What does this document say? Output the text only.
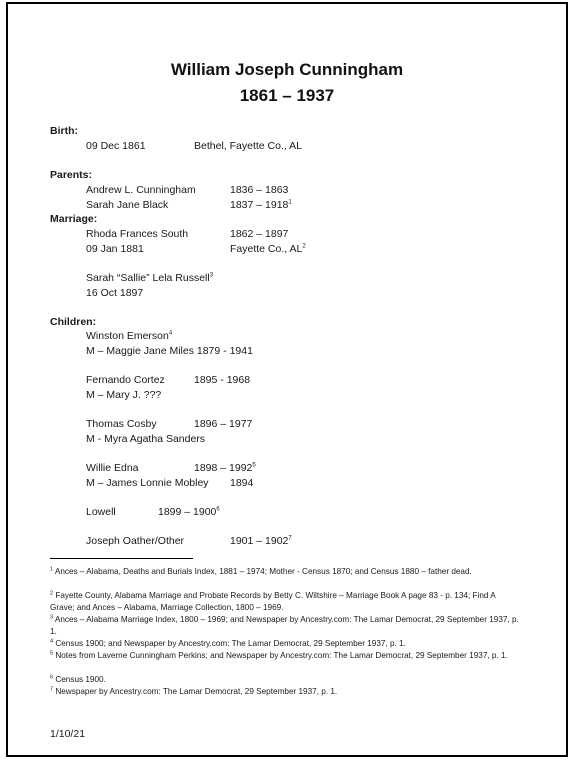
William Joseph Cunningham
1861 – 1937
Birth:
09 Dec 1861	Bethel, Fayette Co., AL
Parents:
Andrew L. Cunningham	1836 – 1863
Sarah Jane Black	1837 – 1918$^1$
Marriage:
Rhoda Frances South	1862 – 1897
09 Jan 1881	Fayette Co., $AL^2$
Sarah “Sallie” Lela Russell$^3$
16 Oct 1897
Children:
Winston Emerson$^4$
M – Maggie Jane Miles 1879 - 1941
Fernando Cortez	1895 - 1968
M – Mary J. ???
Thomas Cosby	1896 – 1977
M - Myra Agatha Sanders
Willie Edna	1898 – 1992$^5$
M – James Lonnie Mobley 1894
Lowell	1899 – 1900$^6$
Joseph Oather/Other	1901 – 1902$^7$
$^1$ Ances – Alabama, Deaths and Burials Index, 1881 – 1974; Mother - Census 1870; and Census 1880 – father dead.
$^2$ Fayette County, Alabama Marriage and Probate Records by Betty C. Wiltshire – Marriage Book A page 83 - p. 134; Find A Grave; and Ances – Alabama, Marriage Collection, 1800 – 1969.
$^3$ Ances – Alabama Marriage Index, 1800 – 1969; and Newspaper by Ancestry.com: The Lamar Democrat, 29 September 1937, p. 1.
$^4$ Census 1900; and Newspaper by Ancestry.com: The Lamar Democrat, 29 September 1937, p. 1.
$^5$ Notes from Laverne Cunningham Perkins; and Newspaper by Ancestry.com: The Lamar Democrat, 29 September 1937, p. 1.
$^6$ Census 1900.
$^7$ Newspaper by Ancestry.com: The Lamar Democrat, 29 September 1937, p. 1.
1/10/21
